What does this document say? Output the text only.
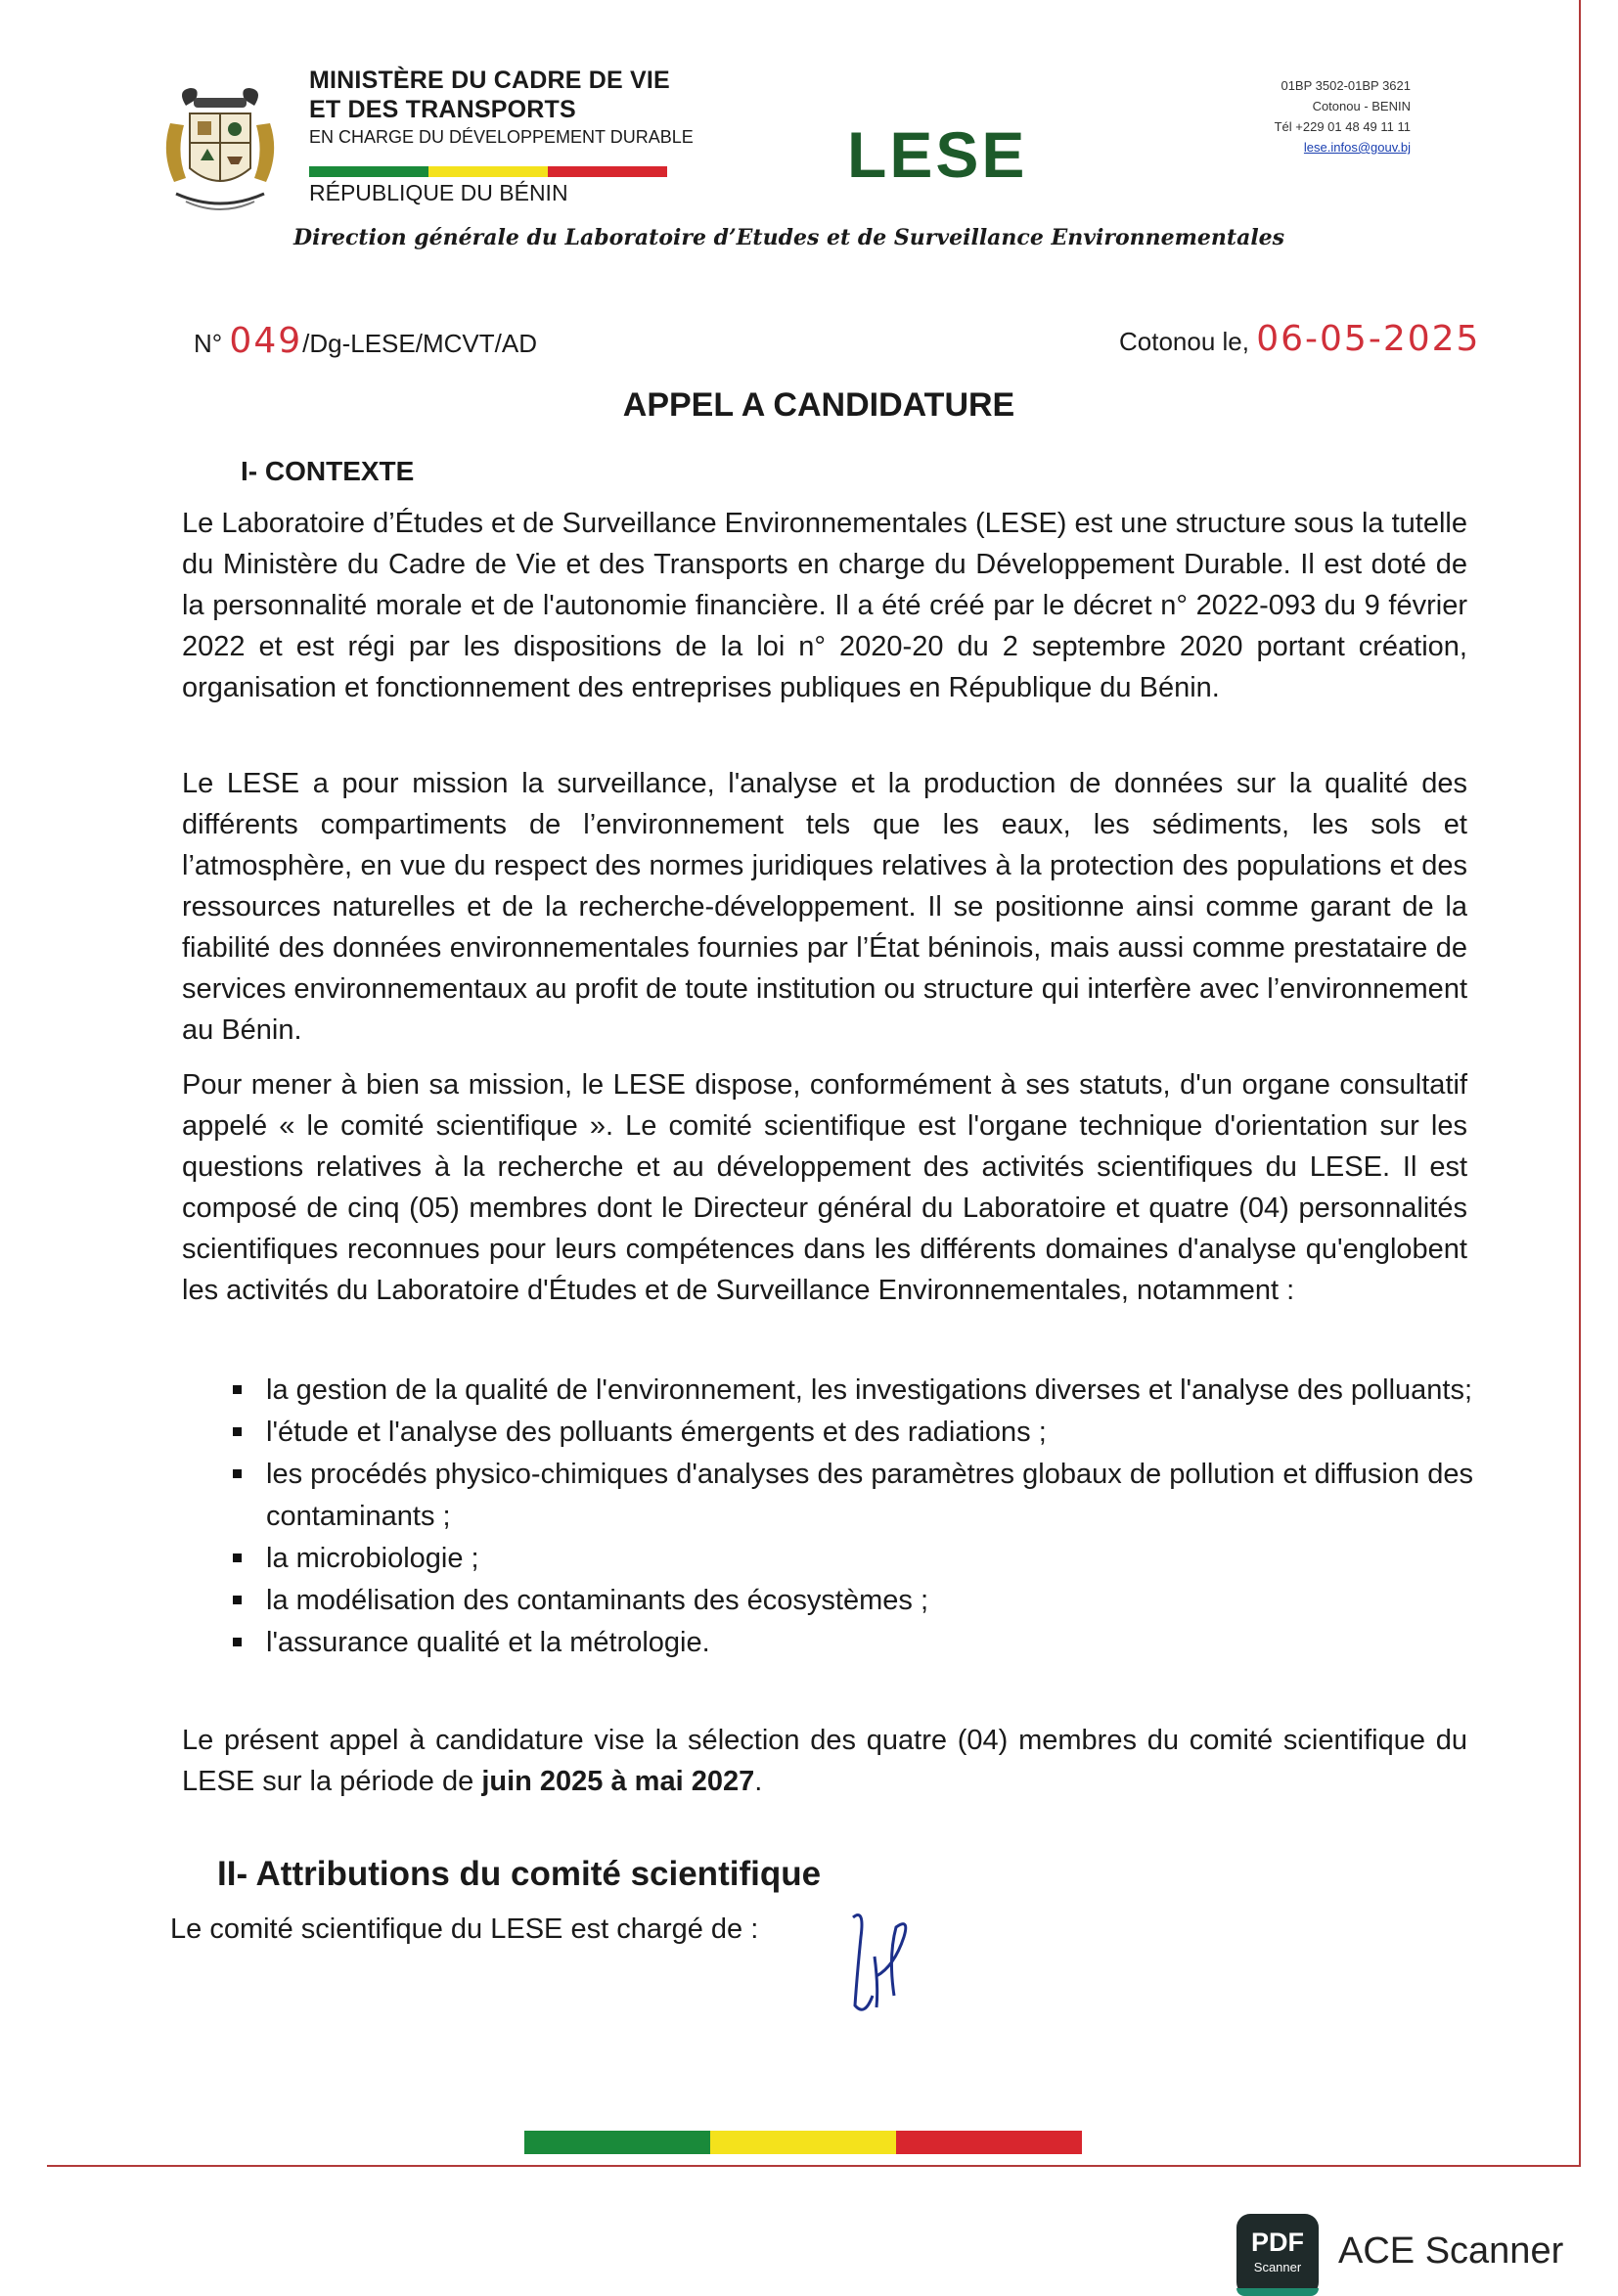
MINISTÈRE DU CADRE DE VIE
ET DES TRANSPORTS
EN CHARGE DU DÉVELOPPEMENT DURABLE
RÉPUBLIQUE DU BÉNIN
LESE
01BP 3502-01BP 3621
Cotonou - BENIN
Tél +229 01 48 49 11 11
lese.infos@gouv.bj
Direction générale du Laboratoire d’Etudes et de Surveillance Environnementales
N° 049/Dg-LESE/MCVT/AD	Cotonou le, 06-05-2025
APPEL A CANDIDATURE
I- CONTEXTE

Le Laboratoire d’Études et de Surveillance Environnementales (LESE) est une structure sous la tutelle du Ministère du Cadre de Vie et des Transports en charge du Développement Durable. Il est doté de la personnalité morale et de l'autonomie financière. Il a été créé par le décret n° 2022-093 du 9 février 2022 et est régi par les dispositions de la loi n° 2020-20 du 2 septembre 2020 portant création, organisation et fonctionnement des entreprises publiques en République du Bénin.

Le LESE a pour mission la surveillance, l'analyse et la production de données sur la qualité des différents compartiments de l’environnement tels que les eaux, les sédiments, les sols et l’atmosphère, en vue du respect des normes juridiques relatives à la protection des populations et des ressources naturelles et de la recherche-développement. Il se positionne ainsi comme garant de la fiabilité des données environnementales fournies par l’État béninois, mais aussi comme prestataire de services environnementaux au profit de toute institution ou structure qui interfère avec l’environnement au Bénin.

Pour mener à bien sa mission, le LESE dispose, conformément à ses statuts, d'un organe consultatif appelé « le comité scientifique ». Le comité scientifique est l'organe technique d'orientation sur les questions relatives à la recherche et au développement des activités scientifiques du LESE. Il est composé de cinq (05) membres dont le Directeur général du Laboratoire et quatre (04) personnalités scientifiques reconnues pour leurs compétences dans les différents domaines d'analyse qu'englobent les activités du Laboratoire d'Études et de Surveillance Environnementales, notamment :

la gestion de la qualité de l'environnement, les investigations diverses et l'analyse des polluants;
l'étude et l'analyse des polluants émergents et des radiations ;
les procédés physico-chimiques d'analyses des paramètres globaux de pollution et diffusion des contaminants ;
la microbiologie ;
la modélisation des contaminants des écosystèmes ;
l'assurance qualité et la métrologie.

Le présent appel à candidature vise la sélection des quatre (04) membres du comité scientifique du LESE sur la période de juin 2025 à mai 2027.

II- Attributions du comité scientifique
Le comité scientifique du LESE est chargé de :
PDF
Scanner ACE Scanner
